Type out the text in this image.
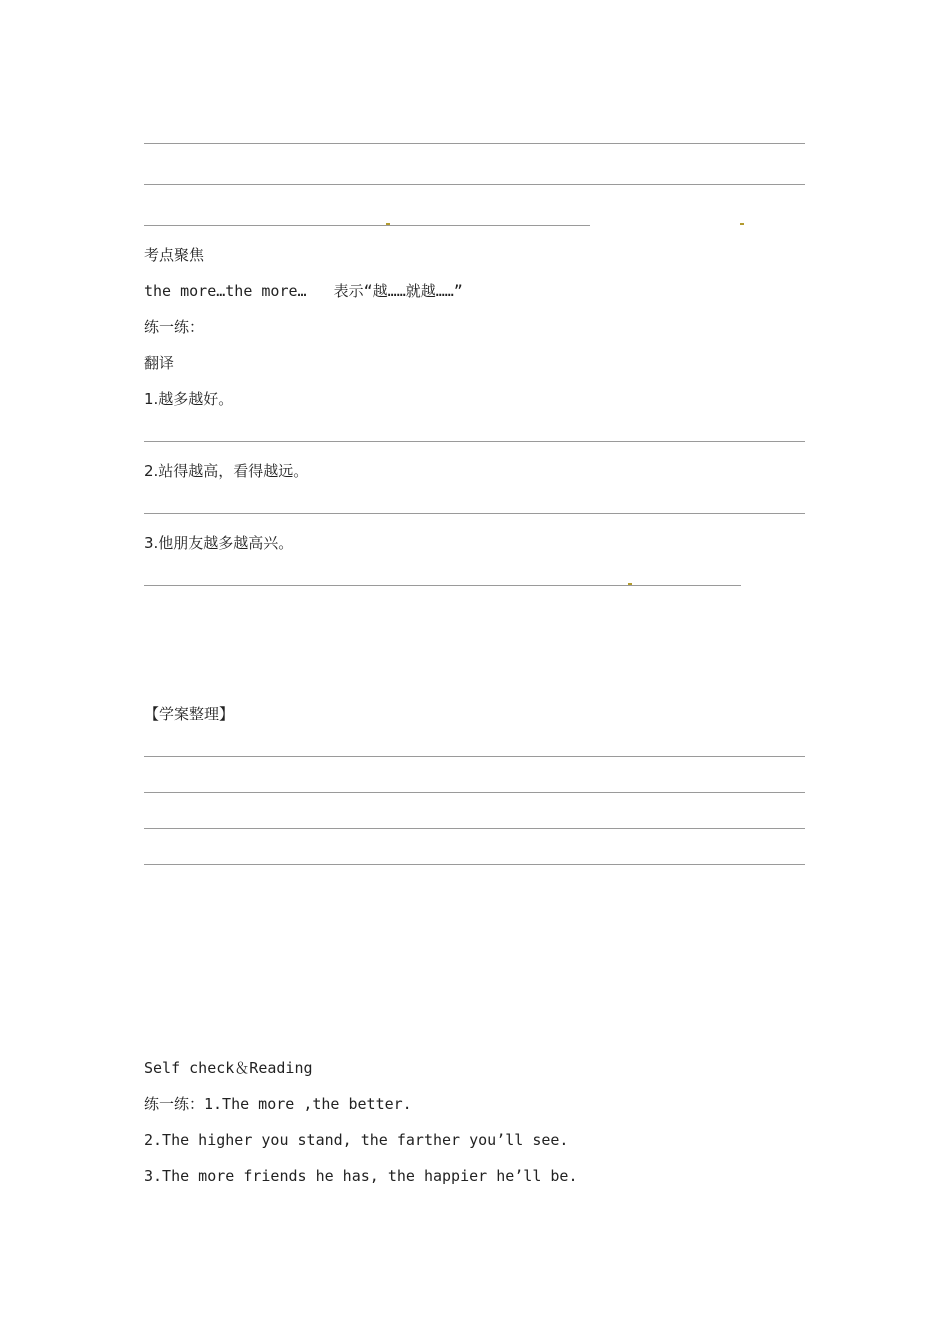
考点聚焦
the more…the more…   表示“越……就越……”
练一练：
翻译
1.越多越好。
2.站得越高，看得越远。
3.他朋友越多越高兴。
【学案整理】
Self check＆Reading
练一练：1.The more ,the better.
2.The higher you stand, the farther you’ll see.
3.The more friends he has, the happier he’ll be.
